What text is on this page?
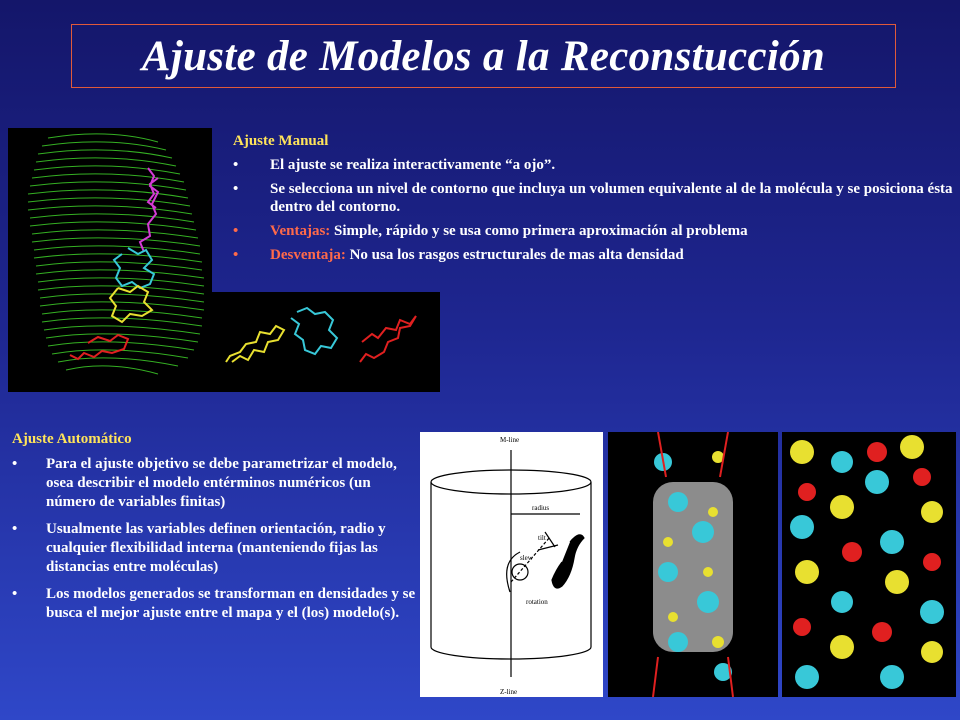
Ajuste de Modelos a la Reconstucción
Ajuste Manual
• El ajuste se realiza interactivamente “a ojo”.
• Se selecciona un nivel de contorno que incluya un volumen equivalente al de la molécula y se posiciona ésta dentro del contorno.
• Ventajas: Simple, rápido y se usa como primera aproximación al problema
• Desventaja: No usa los rasgos estructurales de mas alta densidad
Ajuste Automático
• Para el ajuste objetivo se debe parametrizar el modelo, osea describir el modelo entérminos numéricos (un número de variables finitas)
• Usualmente las variables definen orientación, radio y cualquier flexibilidad interna (manteniendo fijas las distancias entre moléculas)
• Los modelos generados se transforman en densidades y se busca el mejor ajuste entre el mapa y el (los) modelo(s).
M-line
Z-line
radius
tilt
slew
rotation
